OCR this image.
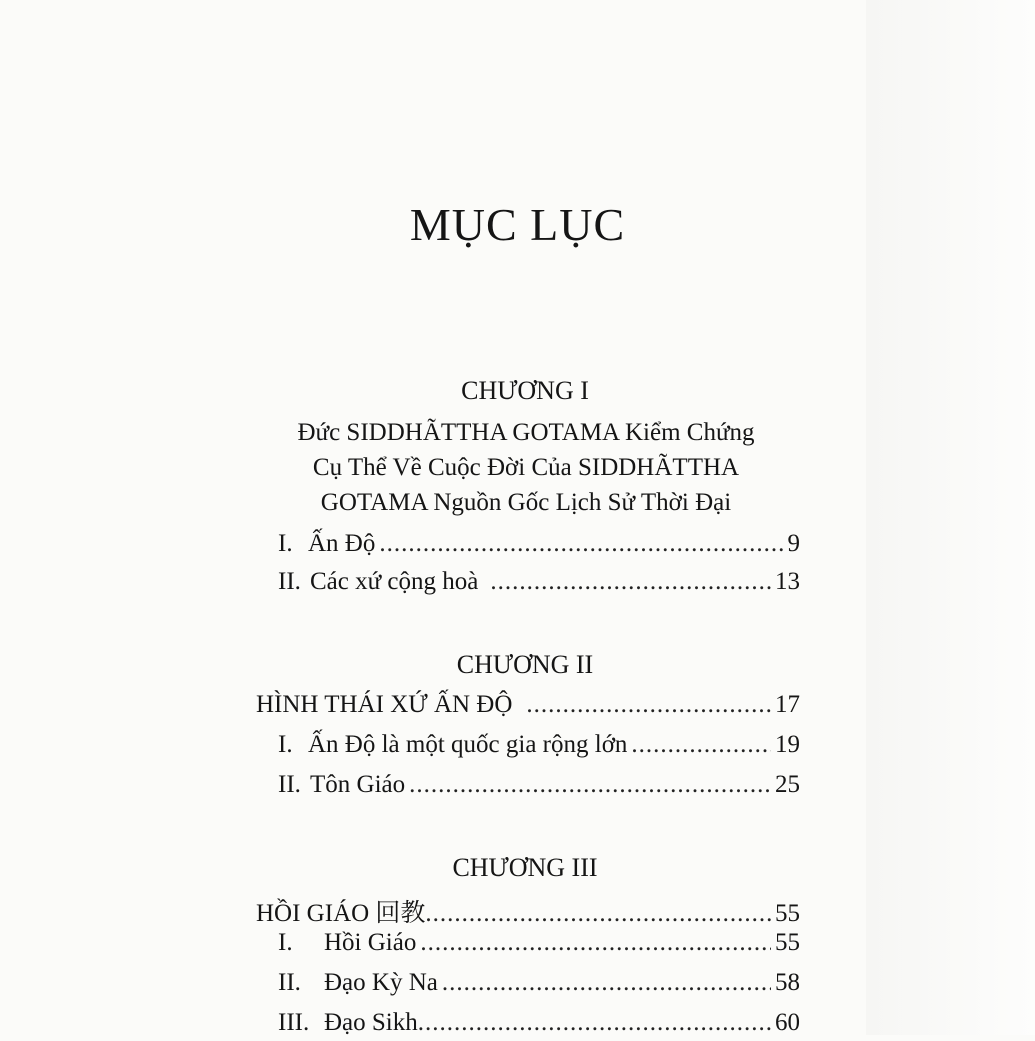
MỤC LỤC
CHƯƠNG I
Đức SIDDHÃTTHA GOTAMA Kiểm Chứng
Cụ Thể Về Cuộc Đời Của SIDDHÃTTHA
GOTAMA Nguồn Gốc Lịch Sử Thời Đại
I. Ấn Độ .....	9
II. Các xứ cộng hoà .....	13
CHƯƠNG II
HÌNH THÁI XỨ ẤN ĐỘ .....	17
I. Ấn Độ là một quốc gia rộng lớn .....	19
II. Tôn Giáo .....	25
CHƯƠNG III
HỒI GIÁO 回教 .....	55
I.	Hồi Giáo .....	55
II. Đạo Kỳ Na .....	58
III. Đạo Sikh .....	60
